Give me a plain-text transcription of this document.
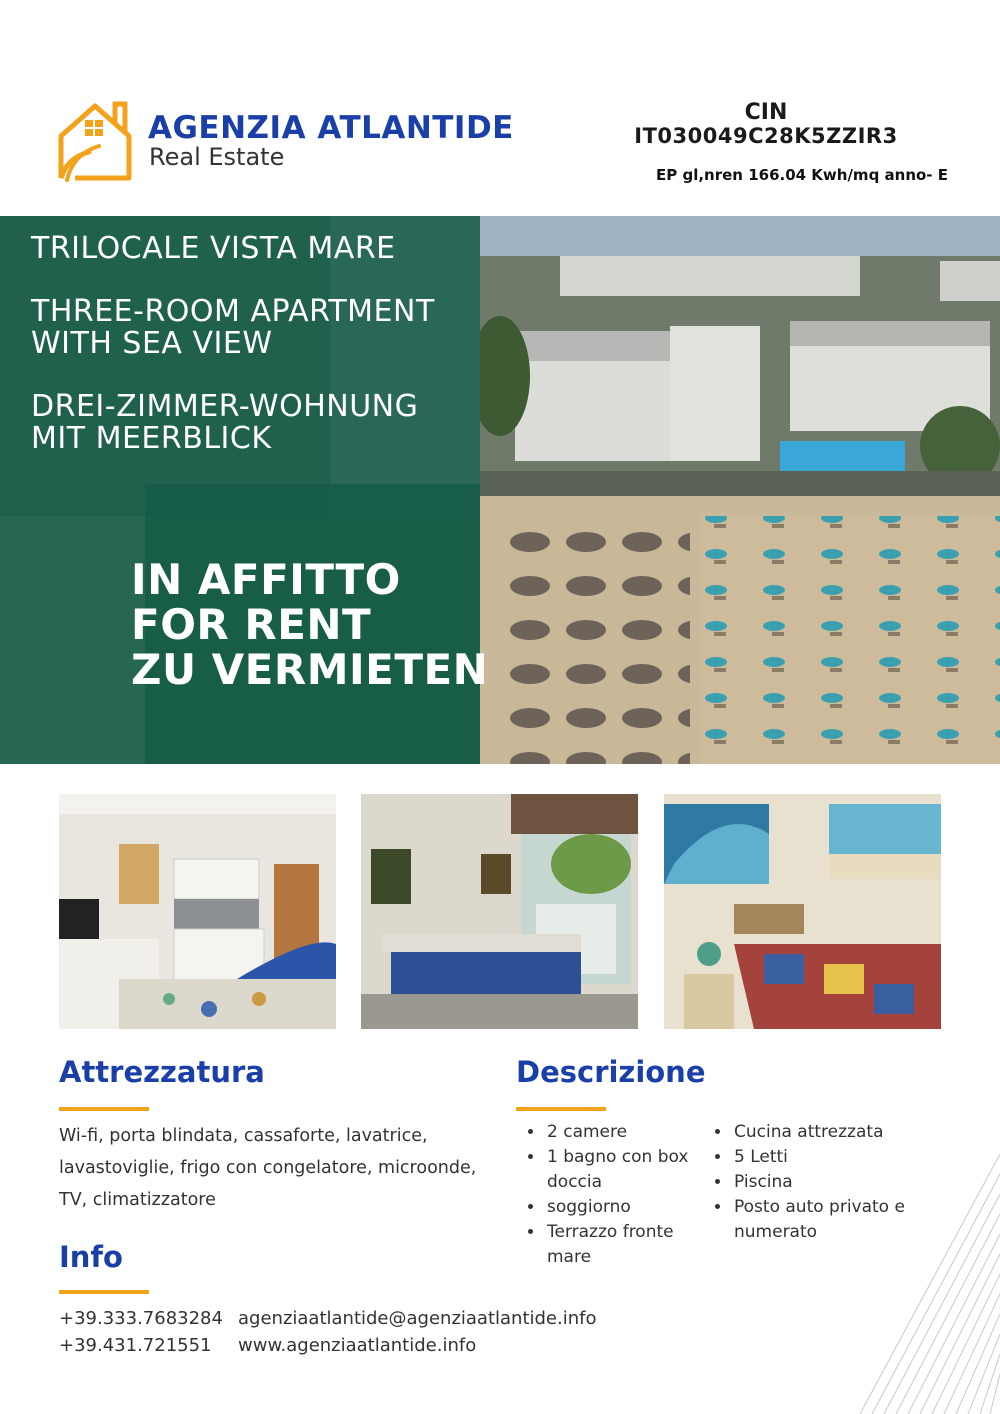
AGENZIA ATLANTIDE
Real Estate
CIN
IT030049C28K5ZZIR3
EP gl,nren 166.04 Kwh/mq anno- E
TRILOCALE VISTA MARE
THREE-ROOM APARTMENT
WITH SEA VIEW
DREI-ZIMMER-WOHNUNG
MIT MEERBLICK
IN AFFITTO
FOR RENT
ZU VERMIETEN
Attrezzatura
Wi-fi, porta blindata, cassaforte, lavatrice, lavastoviglie, frigo con congelatore, microonde, TV, climatizzatore
Descrizione
• 2 camere
• 1 bagno con box doccia
• soggiorno
• Terrazzo fronte mare
• Cucina attrezzata
• 5 Letti
• Piscina
• Posto auto privato e numerato
Info
+39.333.7683284
+39.431.721551
agenziaatlantide@agenziaatlantide.info
www.agenziaatlantide.info
